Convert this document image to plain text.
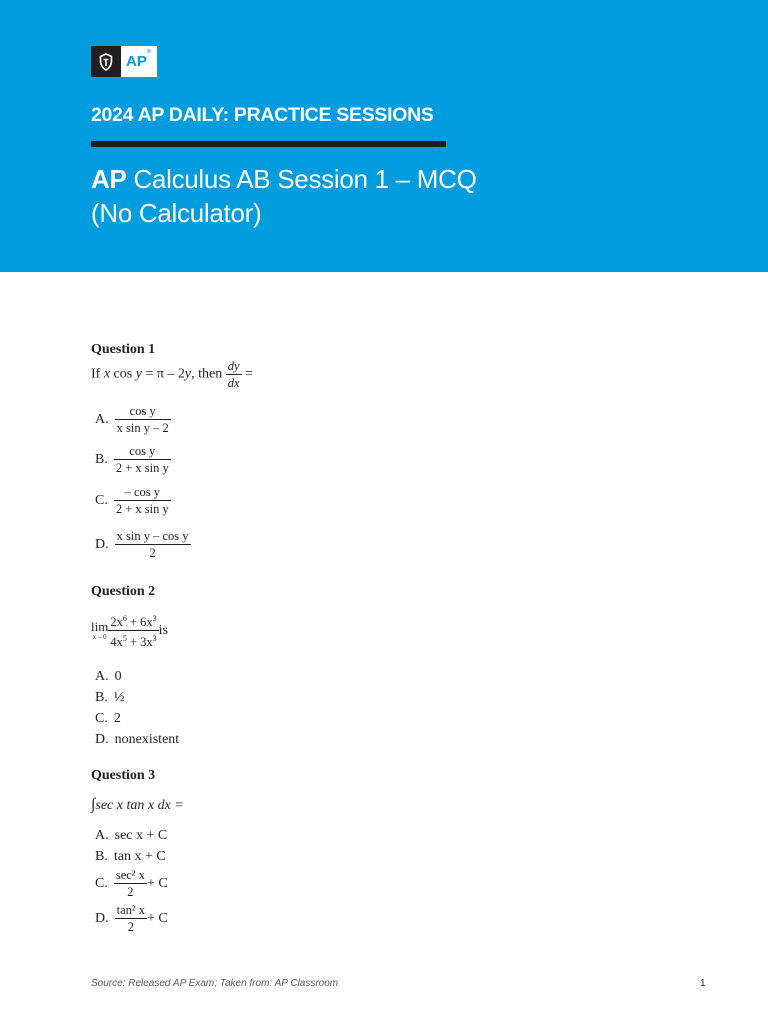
AP®
2024 AP DAILY: PRACTICE SESSIONS
AP Calculus AB Session 1 – MCQ
(No Calculator)
Question 1
If x cos y = π – 2y, then $\frac{dy}{dx}$ =
A. $\frac{\text{cos y}}{\text{x sin y – 2}}$
B. $\frac{\text{cos y}}{\text{2 + x sin y}}$
C. $\frac{\text{– cos y}}{\text{2 + x sin y}}$
D. $\frac{\text{x sin y – cos y}}{2}$
Question 2
lim
$x\to 0 \frac{2x^6 + 6x^3}{4x^5 + 3x^3}$ is
A. 0
B. ½
C. 2
D. nonexistent
Question 3
∫sec x tan x dx =
A. sec x + C
B. tan x + C
C. $\frac{\text{sec² x}}{2} + C$
D. $\frac{\text{tan² x}}{2} + C$
Source: Released AP Exam; Taken from: AP Classroom	1
